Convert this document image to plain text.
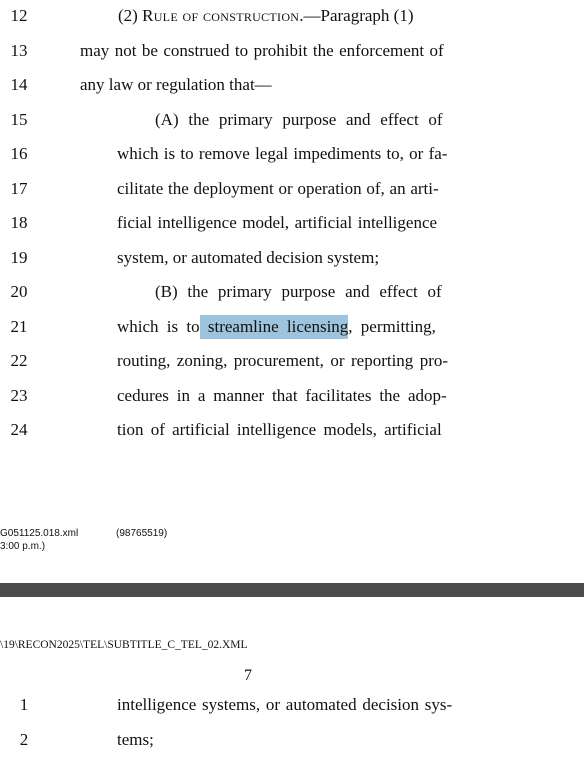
12	(2) Rule of construction.—Paragraph (1)
13	may not be construed to prohibit the enforcement of
14	any law or regulation that—
15	(A) the primary purpose and effect of
16	which is to remove legal impediments to, or fa-
17	cilitate the deployment or operation of, an arti-
18	ficial intelligence model, artificial intelligence
19	system, or automated decision system;
20	(B) the primary purpose and effect of
21	which is to streamline licensing, permitting,
22	routing, zoning, procurement, or reporting pro-
23	cedures in a manner that facilitates the adop-
24	tion of artificial intelligence models, artificial
G051125.018.xml
3:00 p.m.)
(98765519)
\19\RECON2025\TEL\SUBTITLE_C_TEL_02.XML
7
1	intelligence systems, or automated decision sys-
2	tems;
